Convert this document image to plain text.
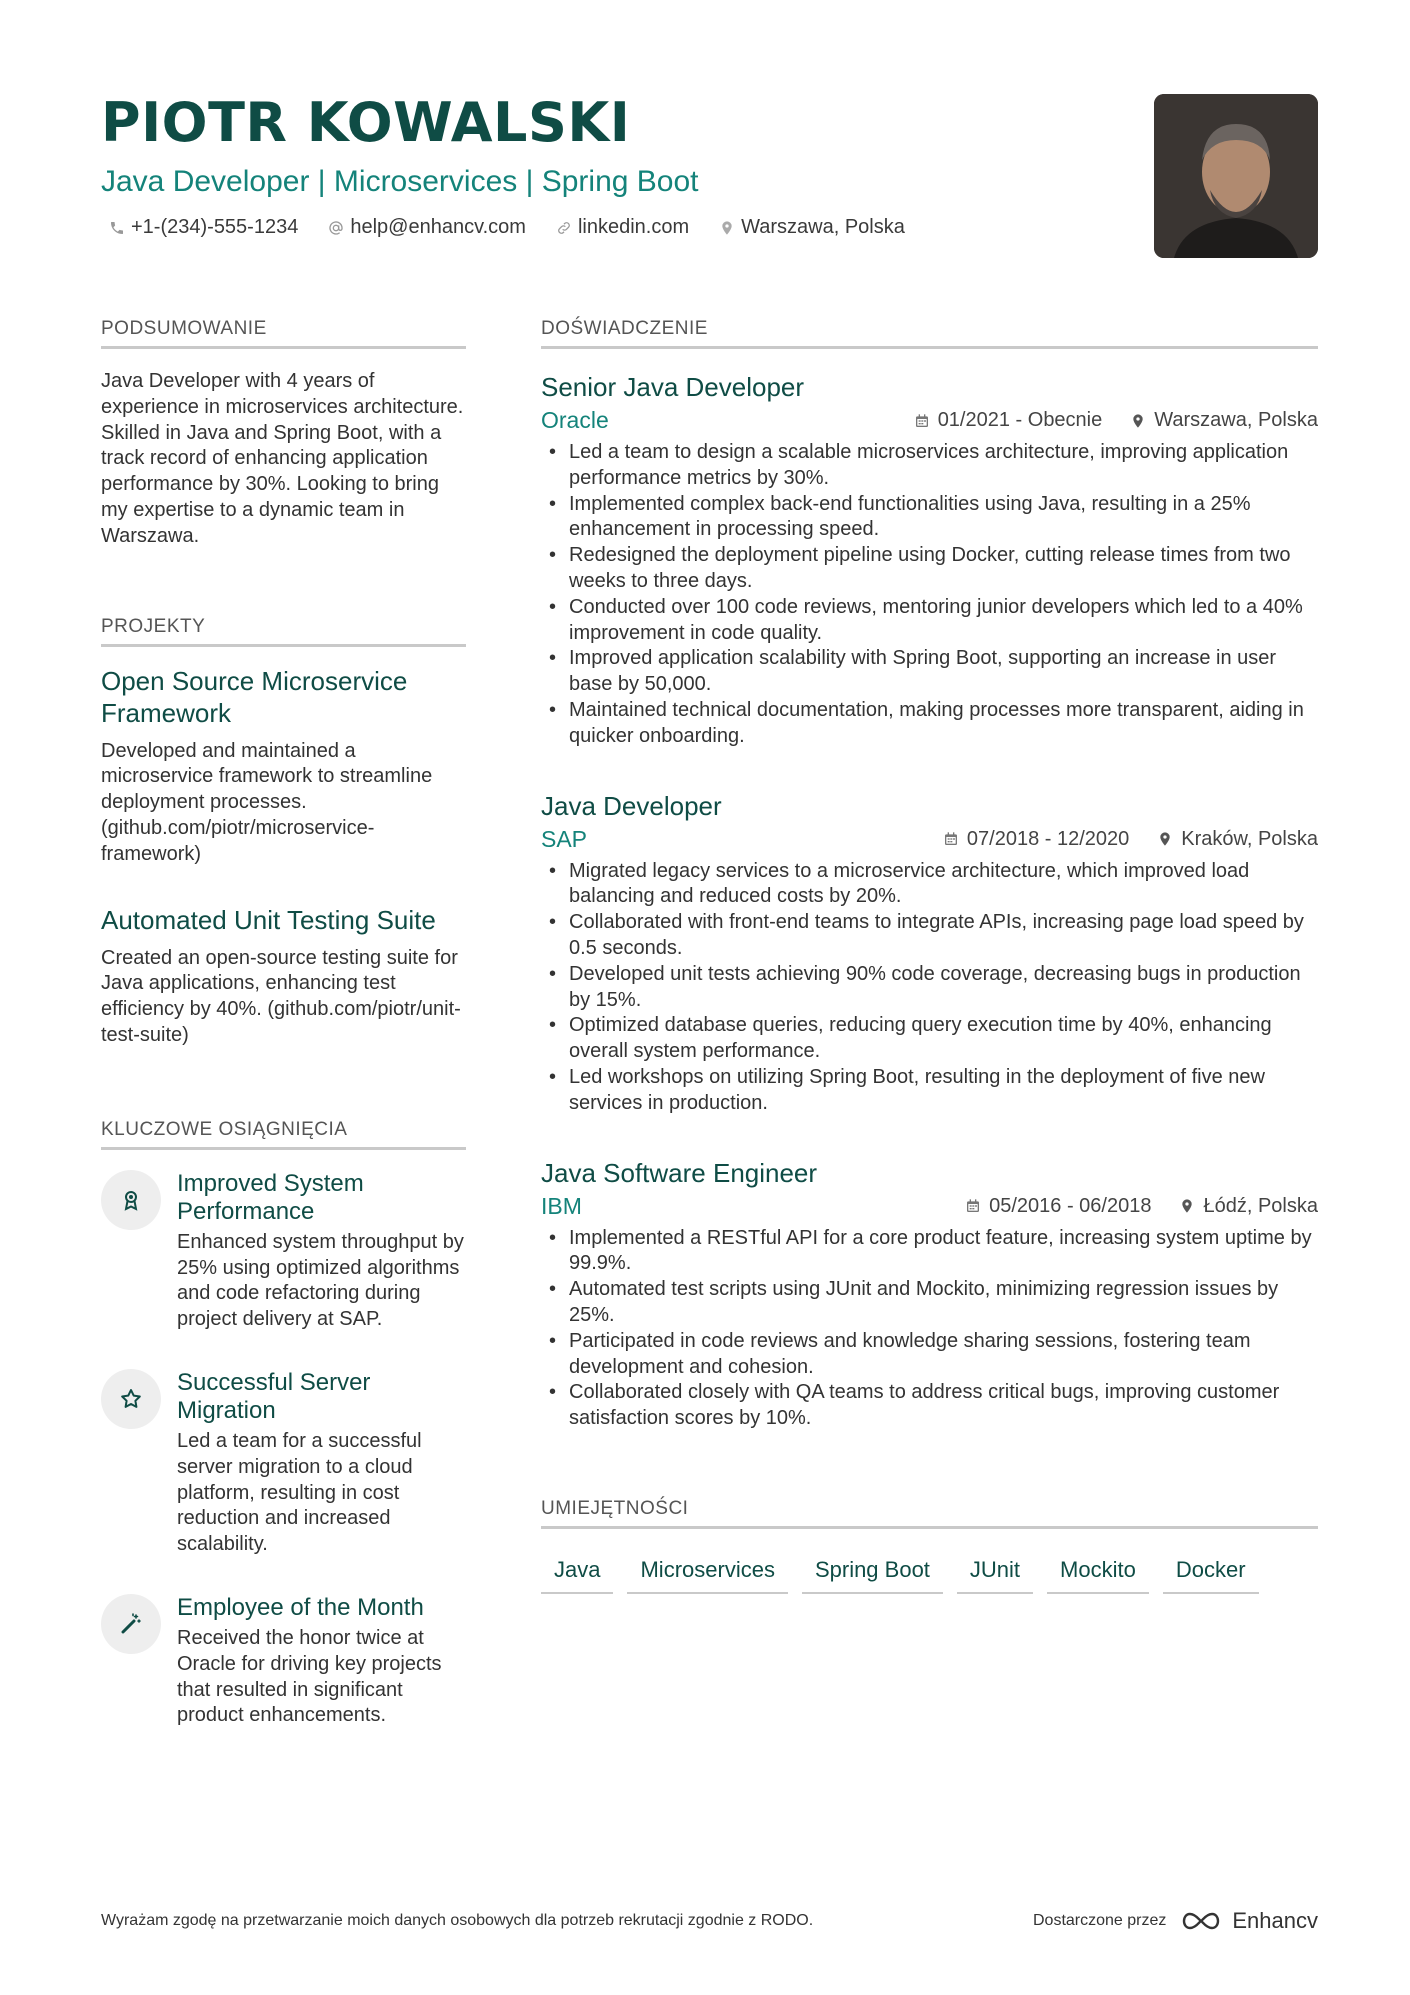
PIOTR KOWALSKI
Java Developer | Microservices | Spring Boot
+1-(234)-555-1234	help@enhancv.com	linkedin.com	Warszawa, Polska
PODSUMOWANIE
Java Developer with 4 years of experience in microservices architecture. Skilled in Java and Spring Boot, with a track record of enhancing application performance by 30%. Looking to bring my expertise to a dynamic team in Warszawa.
PROJEKTY
Open Source Microservice Framework
Developed and maintained a microservice framework to streamline deployment processes. (github.com/piotr/microservice-framework)
Automated Unit Testing Suite
Created an open-source testing suite for Java applications, enhancing test efficiency by 40%. (github.com/piotr/unit-test-suite)
KLUCZOWE OSIĄGNIĘCIA
Improved System Performance
Enhanced system throughput by 25% using optimized algorithms and code refactoring during project delivery at SAP.
Successful Server Migration
Led a team for a successful server migration to a cloud platform, resulting in cost reduction and increased scalability.
Employee of the Month
Received the honor twice at Oracle for driving key projects that resulted in significant product enhancements.
DOŚWIADCZENIE
Senior Java Developer
Oracle	01/2021 - Obecnie	Warszawa, Polska
• Led a team to design a scalable microservices architecture, improving application performance metrics by 30%.
• Implemented complex back-end functionalities using Java, resulting in a 25% enhancement in processing speed.
• Redesigned the deployment pipeline using Docker, cutting release times from two weeks to three days.
• Conducted over 100 code reviews, mentoring junior developers which led to a 40% improvement in code quality.
• Improved application scalability with Spring Boot, supporting an increase in user base by 50,000.
• Maintained technical documentation, making processes more transparent, aiding in quicker onboarding.
Java Developer
SAP	07/2018 - 12/2020	Kraków, Polska
• Migrated legacy services to a microservice architecture, which improved load balancing and reduced costs by 20%.
• Collaborated with front-end teams to integrate APIs, increasing page load speed by 0.5 seconds.
• Developed unit tests achieving 90% code coverage, decreasing bugs in production by 15%.
• Optimized database queries, reducing query execution time by 40%, enhancing overall system performance.
• Led workshops on utilizing Spring Boot, resulting in the deployment of five new services in production.
Java Software Engineer
IBM	05/2016 - 06/2018	Łódź, Polska
• Implemented a RESTful API for a core product feature, increasing system uptime by 99.9%.
• Automated test scripts using JUnit and Mockito, minimizing regression issues by 25%.
• Participated in code reviews and knowledge sharing sessions, fostering team development and cohesion.
• Collaborated closely with QA teams to address critical bugs, improving customer satisfaction scores by 10%.
UMIEJĘTNOŚCI
Java	Microservices	Spring Boot	JUnit	Mockito	Docker
Wyrażam zgodę na przetwarzanie moich danych osobowych dla potrzeb rekrutacji zgodnie z RODO.	Dostarczone przez	Enhancv
